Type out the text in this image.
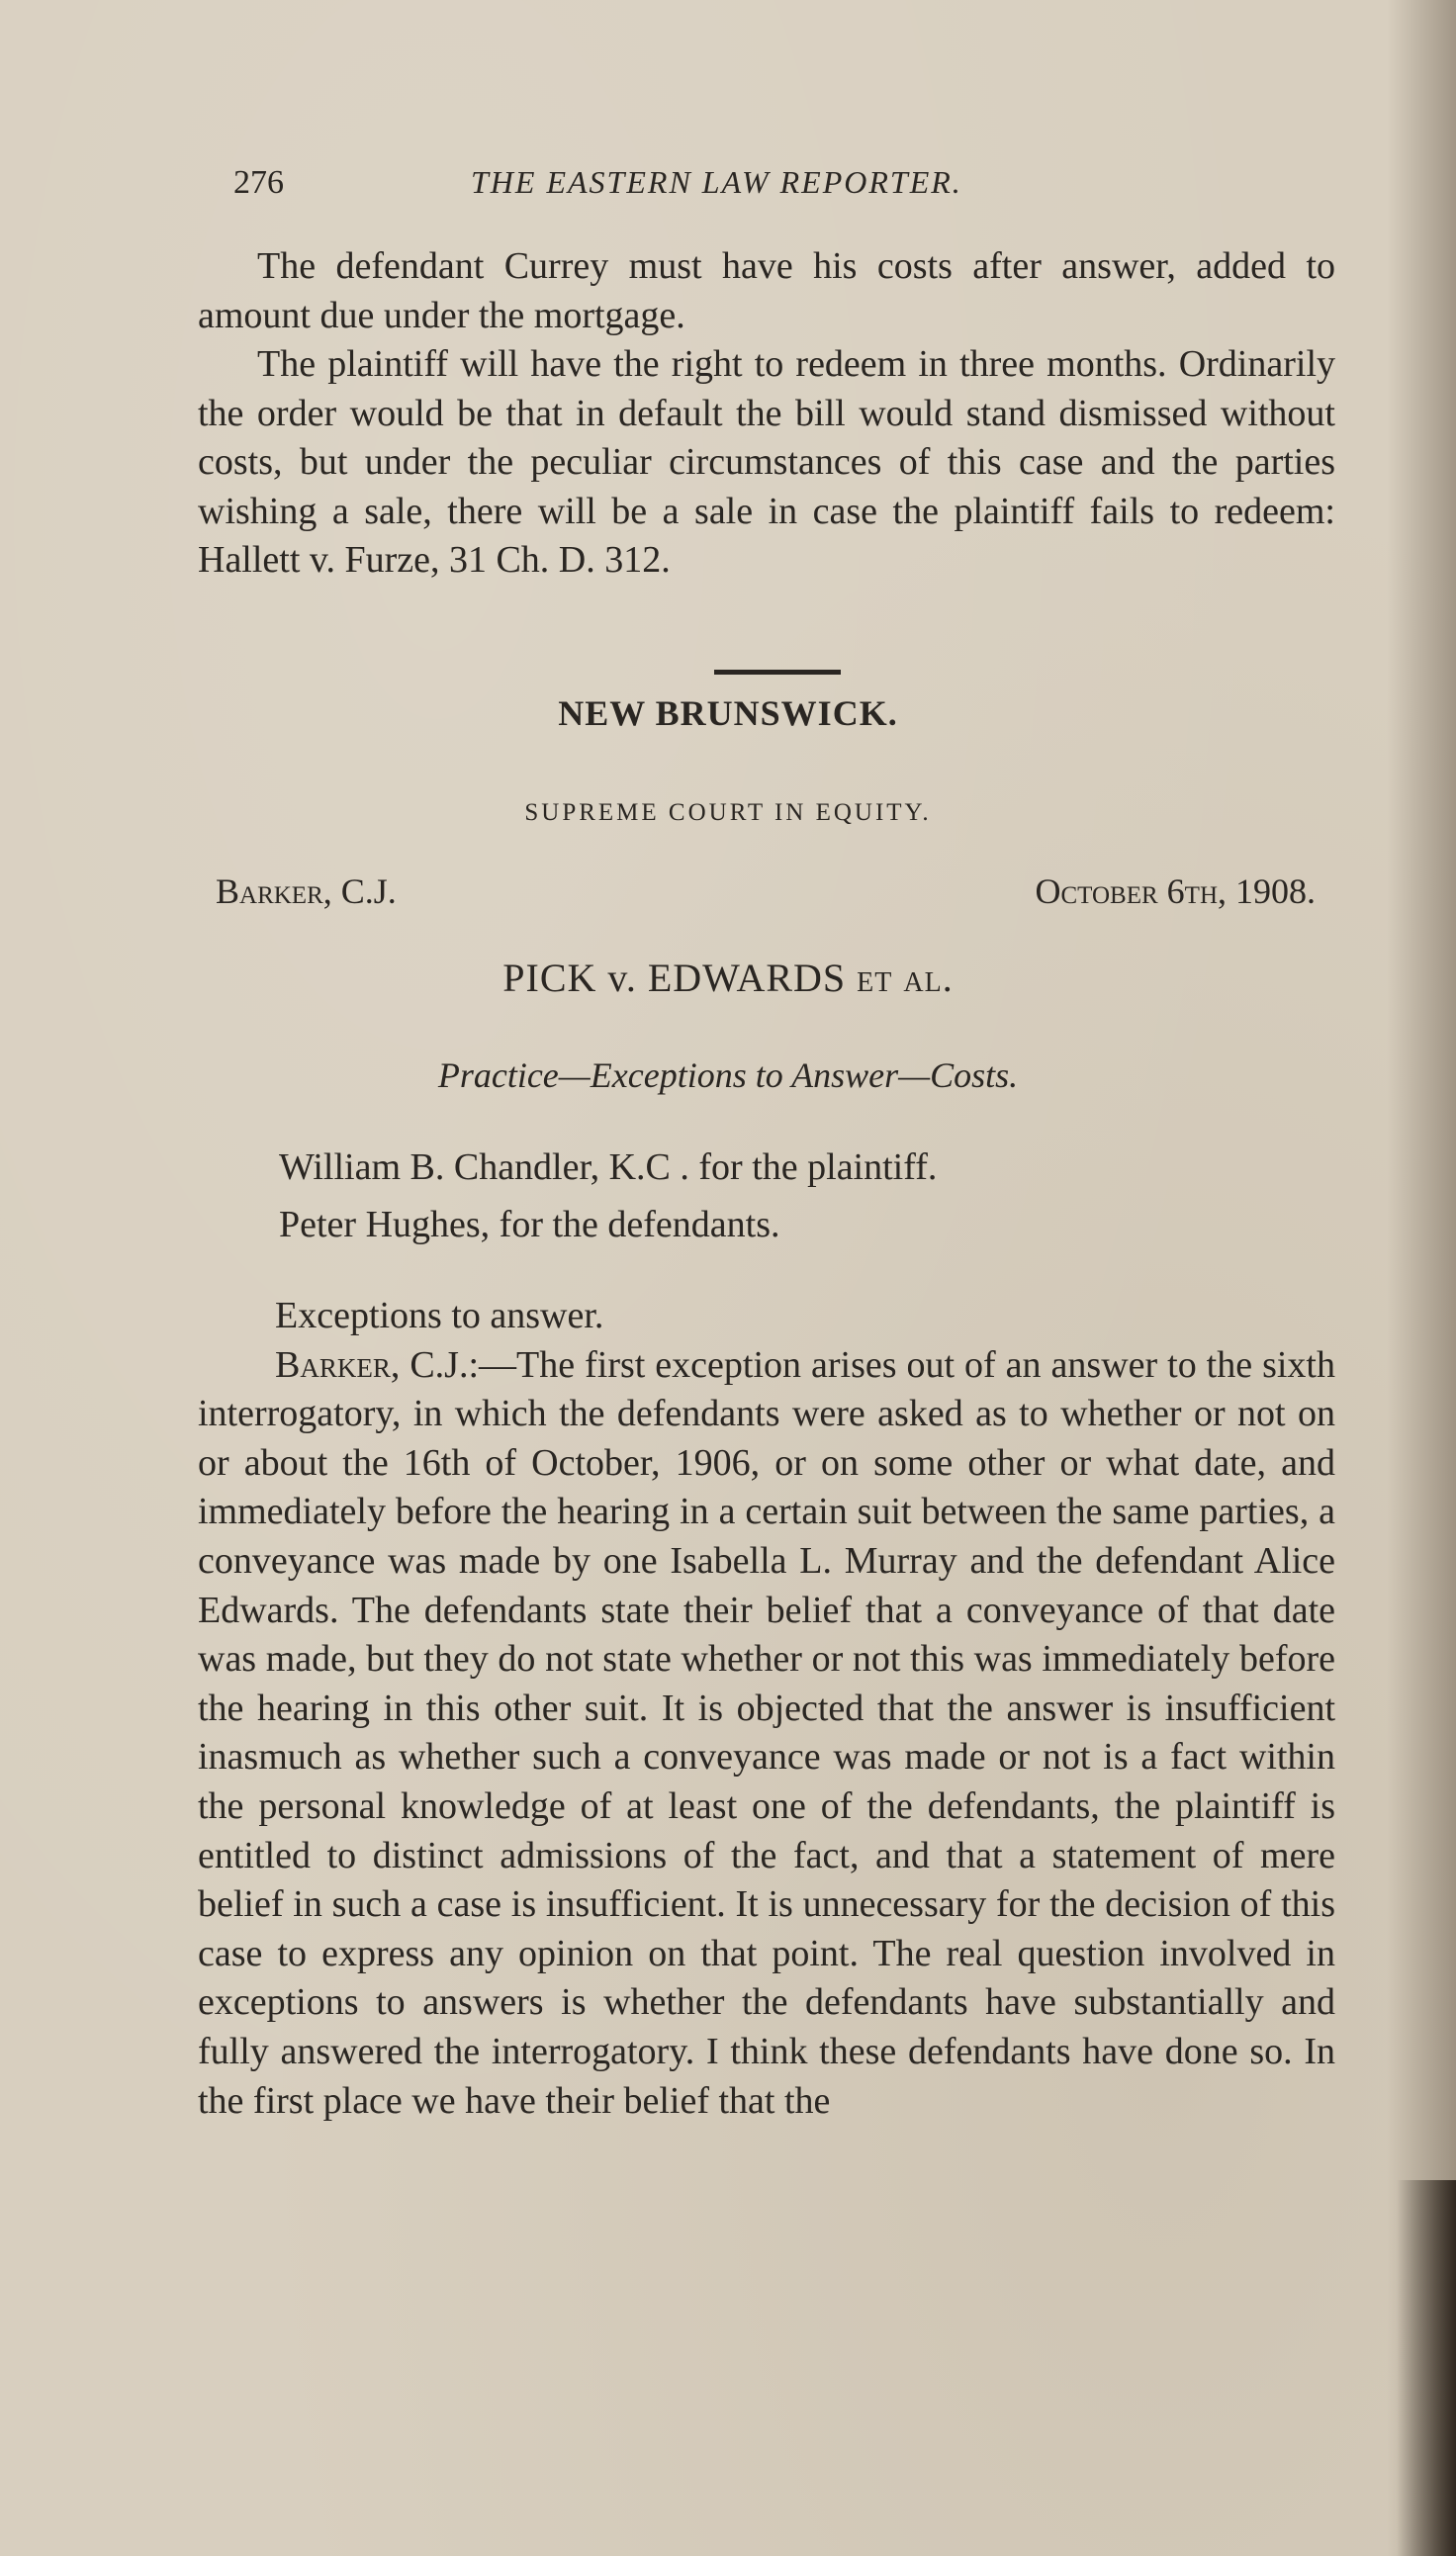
276	THE EASTERN LAW REPORTER.

The defendant Currey must have his costs after answer, added to amount due under the mortgage.

The plaintiff will have the right to redeem in three months. Ordinarily the order would be that in default the bill would stand dismissed without costs, but under the peculiar circumstances of this case and the parties wishing a sale, there will be a sale in case the plaintiff fails to redeem: Hallett v. Furze, 31 Ch. D. 312.

NEW BRUNSWICK.
SUPREME COURT IN EQUITY.
Barker, C.J.	October 6th, 1908.
PICK v. EDWARDS et al.
Practice—Exceptions to Answer—Costs.
William B. Chandler, K.C . for the plaintiff.
Peter Hughes, for the defendants.

Exceptions to answer.

Barker, C.J.:—The first exception arises out of an answer to the sixth interrogatory, in which the defendants were asked as to whether or not on or about the 16th of October, 1906, or on some other or what date, and immediately before the hearing in a certain suit between the same parties, a conveyance was made by one Isabella L. Murray and the defendant Alice Edwards. The defendants state their belief that a conveyance of that date was made, but they do not state whether or not this was immediately before the hearing in this other suit. It is objected that the answer is insufficient inasmuch as whether such a conveyance was made or not is a fact within the personal knowledge of at least one of the defendants, the plaintiff is entitled to distinct admissions of the fact, and that a statement of mere belief in such a case is insufficient. It is unnecessary for the decision of this case to express any opinion on that point. The real question involved in exceptions to answers is whether the defendants have substantially and fully answered the interrogatory. I think these defendants have done so. In the first place we have their belief that the
